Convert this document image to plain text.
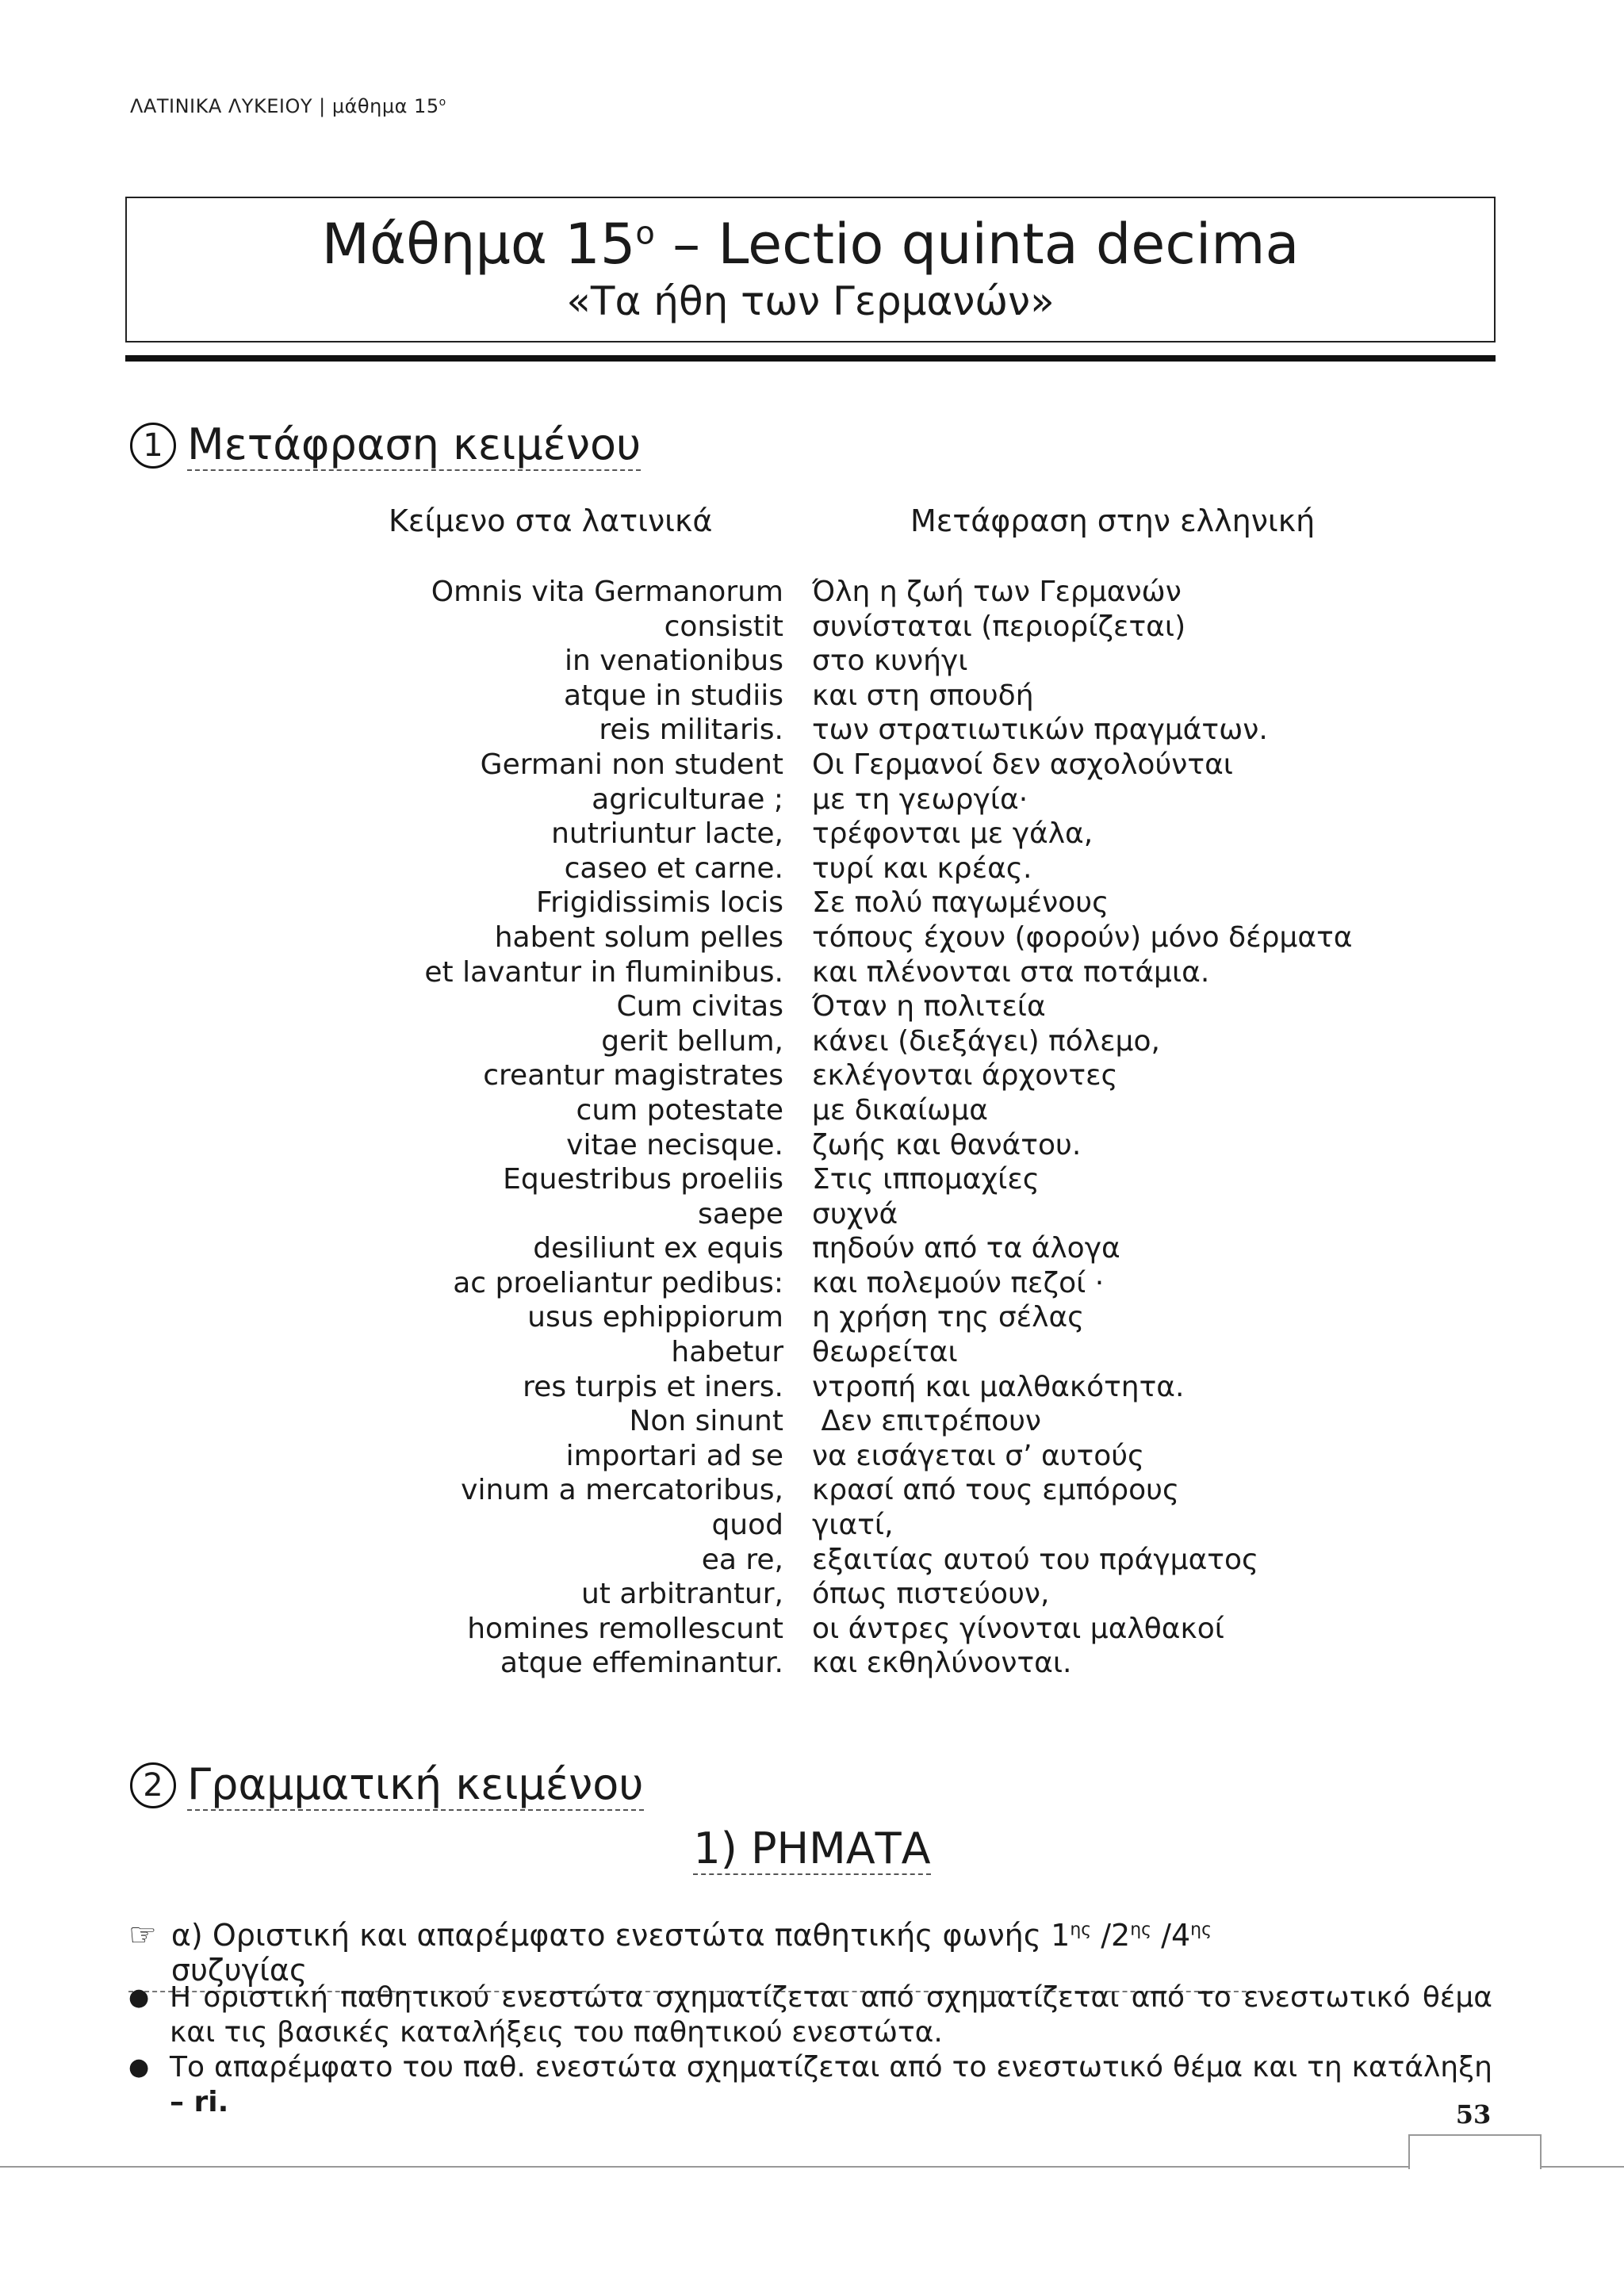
ΛΑΤΙΝΙΚΑ ΛΥΚΕΙΟΥ | μάθημα $15^o$
Μάθημα $15^o$ – Lectio quinta decima
«Τα ήθη των Γερμανών»
1 Μετάφραση κειμένου
Κείμενο στα λατινικά	Μετάφραση στην ελληνική
Omnis vita Germanorum	Όλη η ζωή των Γερμανών
consistit	συνίσταται (περιορίζεται)
in venationibus	στο κυνήγι
atque in studiis	και στη σπουδή
reis militaris.	των στρατιωτικών πραγμάτων.
Germani non student	Οι Γερμανοί δεν ασχολούνται
agriculturae ;	με τη γεωργία·
nutriuntur lacte,	τρέφονται με γάλα,
caseo et carne.	τυρί και κρέας.
Frigidissimis locis	Σε πολύ παγωμένους
habent solum pelles	τόπους έχουν (φορούν) μόνο δέρματα
et lavantur in fluminibus.	και πλένονται στα ποτάμια.
Cum civitas	Όταν η πολιτεία
gerit bellum,	κάνει (διεξάγει) πόλεμο,
creantur magistrates	εκλέγονται άρχοντες
cum potestate	με δικαίωμα
vitae necisque.	ζωής και θανάτου.
Equestribus proeliis	Στις ιππομαχίες
saepe	συχνά
desiliunt ex equis	πηδούν από τα άλογα
ac proeliantur pedibus:	και πολεμούν πεζοί ·
usus ephippiorum	η χρήση της σέλας
habetur	θεωρείται
res turpis et iners.	ντροπή και μαλθακότητα.
Non sinunt	Δεν επιτρέπουν
importari ad se	να εισάγεται σ’ αυτούς
vinum a mercatoribus,	κρασί από τους εμπόρους
quod	γιατί,
ea re,	εξαιτίας αυτού του πράγματος
ut arbitrantur,	όπως πιστεύουν,
homines remollescunt	οι άντρες γίνονται μαλθακοί
atque effeminantur.	και εκθηλύνονται.
2 Γραμματική κειμένου
1) ΡΗΜΑΤΑ
☞ α) Οριστική και απαρέμφατο ενεστώτα παθητικής φωνής $1^{\eta\varsigma}$ $/2^{\eta\varsigma}$ $/4^{\eta\varsigma}$ συζυγίας
● Η οριστική παθητικού ενεστώτα σχηματίζεται από σχηματίζεται από το ενεστωτικό θέμα και τις βασικές καταλήξεις του παθητικού ενεστώτα.
● Το απαρέμφατο του παθ. ενεστώτα σχηματίζεται από το ενεστωτικό θέμα και τη κατάληξη – ri.	53
